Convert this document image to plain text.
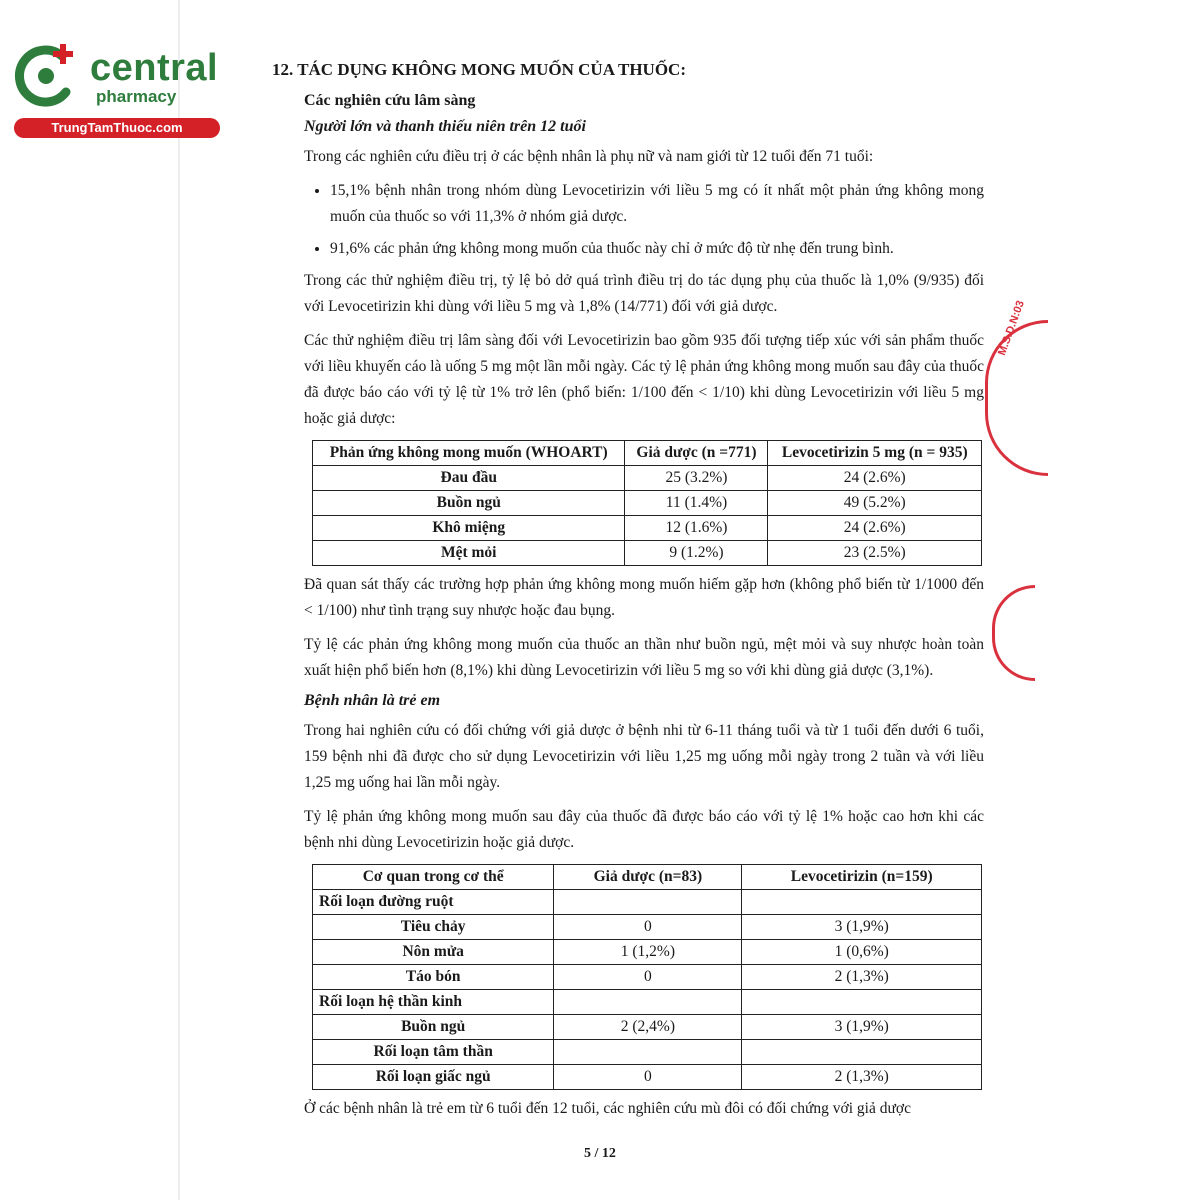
central
pharmacy
TrungTamThuoc.com
M.S.D.N:03
12. TÁC DỤNG KHÔNG MONG MUỐN CỦA THUỐC:
Các nghiên cứu lâm sàng
Người lớn và thanh thiếu niên trên 12 tuổi

Trong các nghiên cứu điều trị ở các bệnh nhân là phụ nữ và nam giới từ 12 tuổi đến 71 tuổi:

• 15,1% bệnh nhân trong nhóm dùng Levocetirizin với liều 5 mg có ít nhất một phản ứng không mong muốn của thuốc so với 11,3% ở nhóm giả dược.
• 91,6% các phản ứng không mong muốn của thuốc này chỉ ở mức độ từ nhẹ đến trung bình.

Trong các thử nghiệm điều trị, tỷ lệ bỏ dở quá trình điều trị do tác dụng phụ của thuốc là 1,0% (9/935) đối với Levocetirizin khi dùng với liều 5 mg và 1,8% (14/771) đối với giả dược.

Các thử nghiệm điều trị lâm sàng đối với Levocetirizin bao gồm 935 đối tượng tiếp xúc với sản phẩm thuốc với liều khuyến cáo là uống 5 mg một lần mỗi ngày. Các tỷ lệ phản ứng không mong muốn sau đây của thuốc đã được báo cáo với tỷ lệ từ 1% trở lên (phổ biến: 1/100 đến < 1/10) khi dùng Levocetirizin với liều 5 mg hoặc giả dược:

Phản ứng không mong muốn (WHOART)	Giả dược (n =771)	Levocetirizin 5 mg (n = 935)
Đau đầu	25 (3.2%)	24 (2.6%)
Buồn ngủ	11 (1.4%)	49 (5.2%)
Khô miệng	12 (1.6%)	24 (2.6%)
Mệt mỏi	9 (1.2%)	23 (2.5%)

Đã quan sát thấy các trường hợp phản ứng không mong muốn hiếm gặp hơn (không phổ biến từ 1/1000 đến < 1/100) như tình trạng suy nhược hoặc đau bụng.

Tỷ lệ các phản ứng không mong muốn của thuốc an thần như buồn ngủ, mệt mỏi và suy nhược hoàn toàn xuất hiện phổ biến hơn (8,1%) khi dùng Levocetirizin với liều 5 mg so với khi dùng giả dược (3,1%).

Bệnh nhân là trẻ em

Trong hai nghiên cứu có đối chứng với giả dược ở bệnh nhi từ 6-11 tháng tuổi và từ 1 tuổi đến dưới 6 tuổi, 159 bệnh nhi đã được cho sử dụng Levocetirizin với liều 1,25 mg uống mỗi ngày trong 2 tuần và với liều 1,25 mg uống hai lần mỗi ngày.

Tỷ lệ phản ứng không mong muốn sau đây của thuốc đã được báo cáo với tỷ lệ 1% hoặc cao hơn khi các bệnh nhi dùng Levocetirizin hoặc giả dược.

Cơ quan trong cơ thể	Giả dược (n=83)	Levocetirizin (n=159)
Rối loạn đường ruột		
Tiêu chảy	0	3 (1,9%)
Nôn mửa	1 (1,2%)	1 (0,6%)
Táo bón	0	2 (1,3%)
Rối loạn hệ thần kinh		
Buồn ngủ	2 (2,4%)	3 (1,9%)
Rối loạn tâm thần		
Rối loạn giấc ngủ	0	2 (1,3%)

Ở các bệnh nhân là trẻ em từ 6 tuổi đến 12 tuổi, các nghiên cứu mù đôi có đối chứng với giả dược

5 / 12
